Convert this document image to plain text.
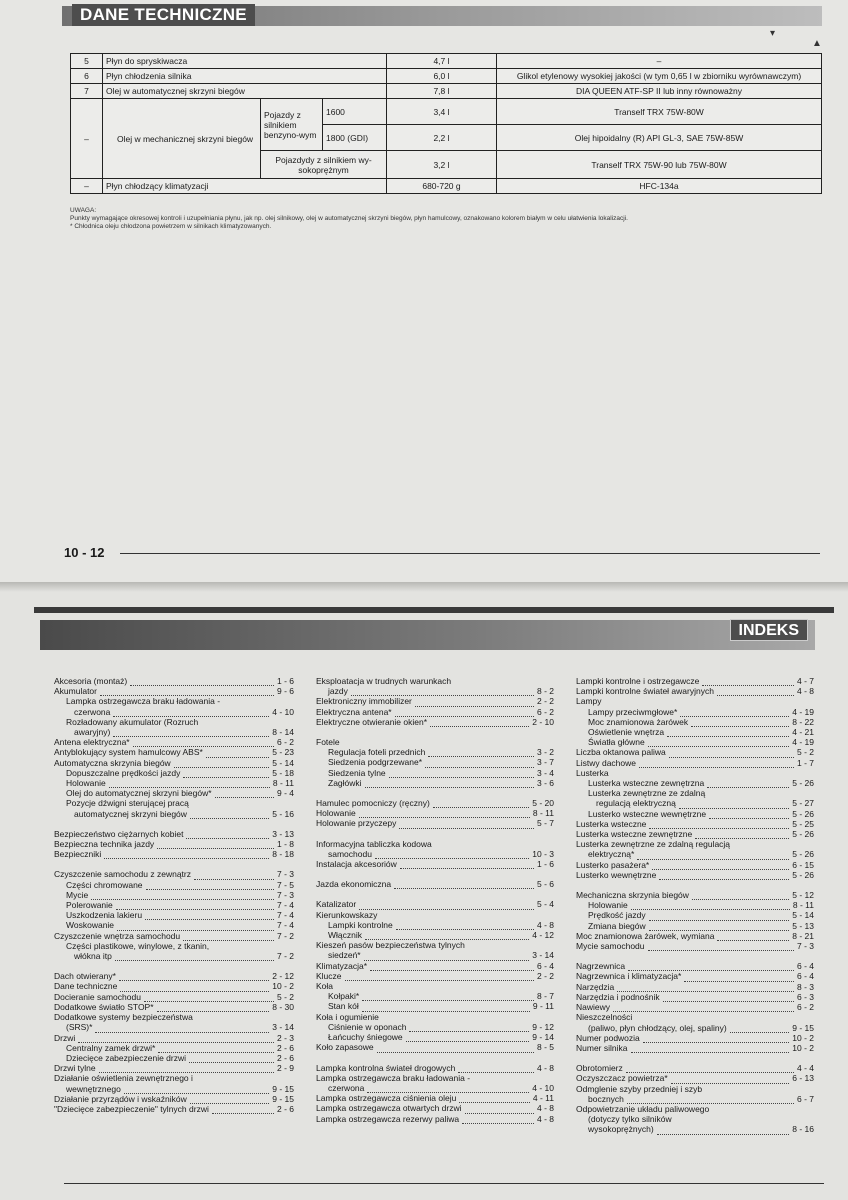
DANE TECHNICZNE
▾
▲
5	Płyn do spryskiwacza			4,7 l	–
6	Płyn chłodzenia silnika			6,0 l	Glikol etylenowy wysokiej jakości (w tym 0,65 l w zbiorniku wyrównawczym)
7	Olej w automatycznej skrzyni biegów			7,8 l	DIA QUEEN ATF-SP II lub inny równoważny
–	Olej w mechanicznej skrzyni biegów	Pojazdy z silnikiem benzyno-wym	1600	3,4 l	Tranself TRX 75W-80W
			1800 (GDI)	2,2 l	Olej hipoidalny (R) API GL-3, SAE 75W-85W
		Pojazdydy z silnikiem wy-sokoprężnym		3,2 l	Tranself TRX 75W-90 lub 75W-80W
–	Płyn chłodzący klimatyzacji			680-720 g	HFC-134a
UWAGA:
Punkty wymagające okresowej kontroli i uzupełniania płynu, jak np. olej silnikowy, olej w automatycznej skrzyni biegów, płyn hamulcowy, oznakowano kolorem białym w celu ułatwienia lokalizacji.
* Chłodnica oleju chłodzona powietrzem w silnikach klimatyzowanych.
10 - 12
INDEKS
Akcesoria (montaż)	1 - 6
Akumulator	9 - 6
Lampka ostrzegawcza braku ładowania -
czerwona	4 - 10
Rozładowany akumulator (Rozruch
awaryjny)	8 - 14
Antena elektryczna*	6 - 2
Antyblokujący system hamulcowy ABS*	5 - 23
Automatyczna skrzynia biegów	5 - 14
Dopuszczalne prędkości jazdy	5 - 18
Holowanie	8 - 11
Olej do automatycznej skrzyni biegów*	9 - 4
Pozycje dźwigni sterującej pracą
automatycznej skrzyni biegów	5 - 16
Bezpieczeństwo ciężarnych kobiet	3 - 13
Bezpieczna technika jazdy	1 - 8
Bezpieczniki	8 - 18
Czyszczenie samochodu z zewnątrz	7 - 3
Części chromowane	7 - 5
Mycie	7 - 3
Polerowanie	7 - 4
Uszkodzenia lakieru	7 - 4
Woskowanie	7 - 4
Czyszczenie wnętrza samochodu	7 - 2
Części plastikowe, winylowe, z tkanin,
włókna itp	7 - 2
Dach otwierany*	2 - 12
Dane techniczne	10 - 2
Docieranie samochodu	5 - 2
Dodatkowe światło STOP*	8 - 30
Dodatkowe systemy bezpieczeństwa
(SRS)*	3 - 14
Drzwi	2 - 3
Centralny zamek drzwi*	2 - 6
Dziecięce zabezpieczenie drzwi	2 - 6
Drzwi tylne	2 - 9
Działanie oświetlenia zewnętrznego i
wewnętrznego	9 - 15
Działanie przyrządów i wskaźników	9 - 15
"Dziecięce zabezpieczenie" tylnych drzwi	2 - 6
Eksploatacja w trudnych warunkach
jazdy	8 - 2
Elektroniczny immobilizer	2 - 2
Elektryczna antena*	6 - 2
Elektryczne otwieranie okien*	2 - 10
Fotele
Regulacja foteli przednich	3 - 2
Siedzenia podgrzewane*	3 - 7
Siedzenia tylne	3 - 4
Zagłówki	3 - 6
Hamulec pomocniczy (ręczny)	5 - 20
Holowanie	8 - 11
Holowanie przyczepy	5 - 7
Informacyjna tabliczka kodowa
samochodu	10 - 3
Instalacja akcesoriów	1 - 6
Jazda ekonomiczna	5 - 6
Katalizator	5 - 4
Kierunkowskazy
Lampki kontrolne	4 - 8
Włącznik	4 - 12
Kieszeń pasów bezpieczeństwa tylnych
siedzeń*	3 - 14
Klimatyzacja*	6 - 4
Klucze	2 - 2
Koła
Kołpaki*	8 - 7
Stan kół	9 - 11
Koła i ogumienie
Ciśnienie w oponach	9 - 12
Łańcuchy śniegowe	9 - 14
Koło zapasowe	8 - 5
Lampka kontrolna świateł drogowych	4 - 8
Lampka ostrzegawcza braku ładowania -
czerwona	4 - 10
Lampka ostrzegawcza ciśnienia oleju	4 - 11
Lampka ostrzegawcza otwartych drzwi	4 - 8
Lampka ostrzegawcza rezerwy paliwa	4 - 8
Lampki kontrolne i ostrzegawcze	4 - 7
Lampki kontrolne świateł awaryjnych	4 - 8
Lampy
Lampy przeciwmgłowe*	4 - 19
Moc znamionowa żarówek	8 - 22
Oświetlenie wnętrza	4 - 21
Światła główne	4 - 19
Liczba oktanowa paliwa	5 - 2
Listwy dachowe	1 - 7
Lusterka
Lusterka wsteczne zewnętrzna	5 - 26
Lusterka zewnętrzne ze zdalną
regulacją elektryczną	5 - 27
Lusterko wsteczne wewnętrzne	5 - 26
Lusterka wsteczne	5 - 25
Lusterka wsteczne zewnętrzne	5 - 26
Lusterka zewnętrzne ze zdalną regulacją
elektryczną*	5 - 26
Lusterko pasażera*	6 - 15
Lusterko wewnętrzne	5 - 26
Mechaniczna skrzynia biegów	5 - 12
Holowanie	8 - 11
Prędkość jazdy	5 - 14
Zmiana biegów	5 - 13
Moc znamionowa żarówek, wymiana	8 - 21
Mycie samochodu	7 - 3
Nagrzewnica	6 - 4
Nagrzewnica i klimatyzacja*	6 - 4
Narzędzia	8 - 3
Narzędzia i podnośnik	6 - 3
Nawiewy	6 - 2
Nieszczelności
(paliwo, płyn chłodzący, olej, spaliny)	9 - 15
Numer podwozia	10 - 2
Numer silnika	10 - 2
Obrotomierz	4 - 4
Oczyszczacz powietrza*	6 - 13
Odmglenie szyby przedniej i szyb
bocznych	6 - 7
Odpowietrzanie układu paliwowego
(dotyczy tylko silników
wysokoprężnych)	8 - 16
